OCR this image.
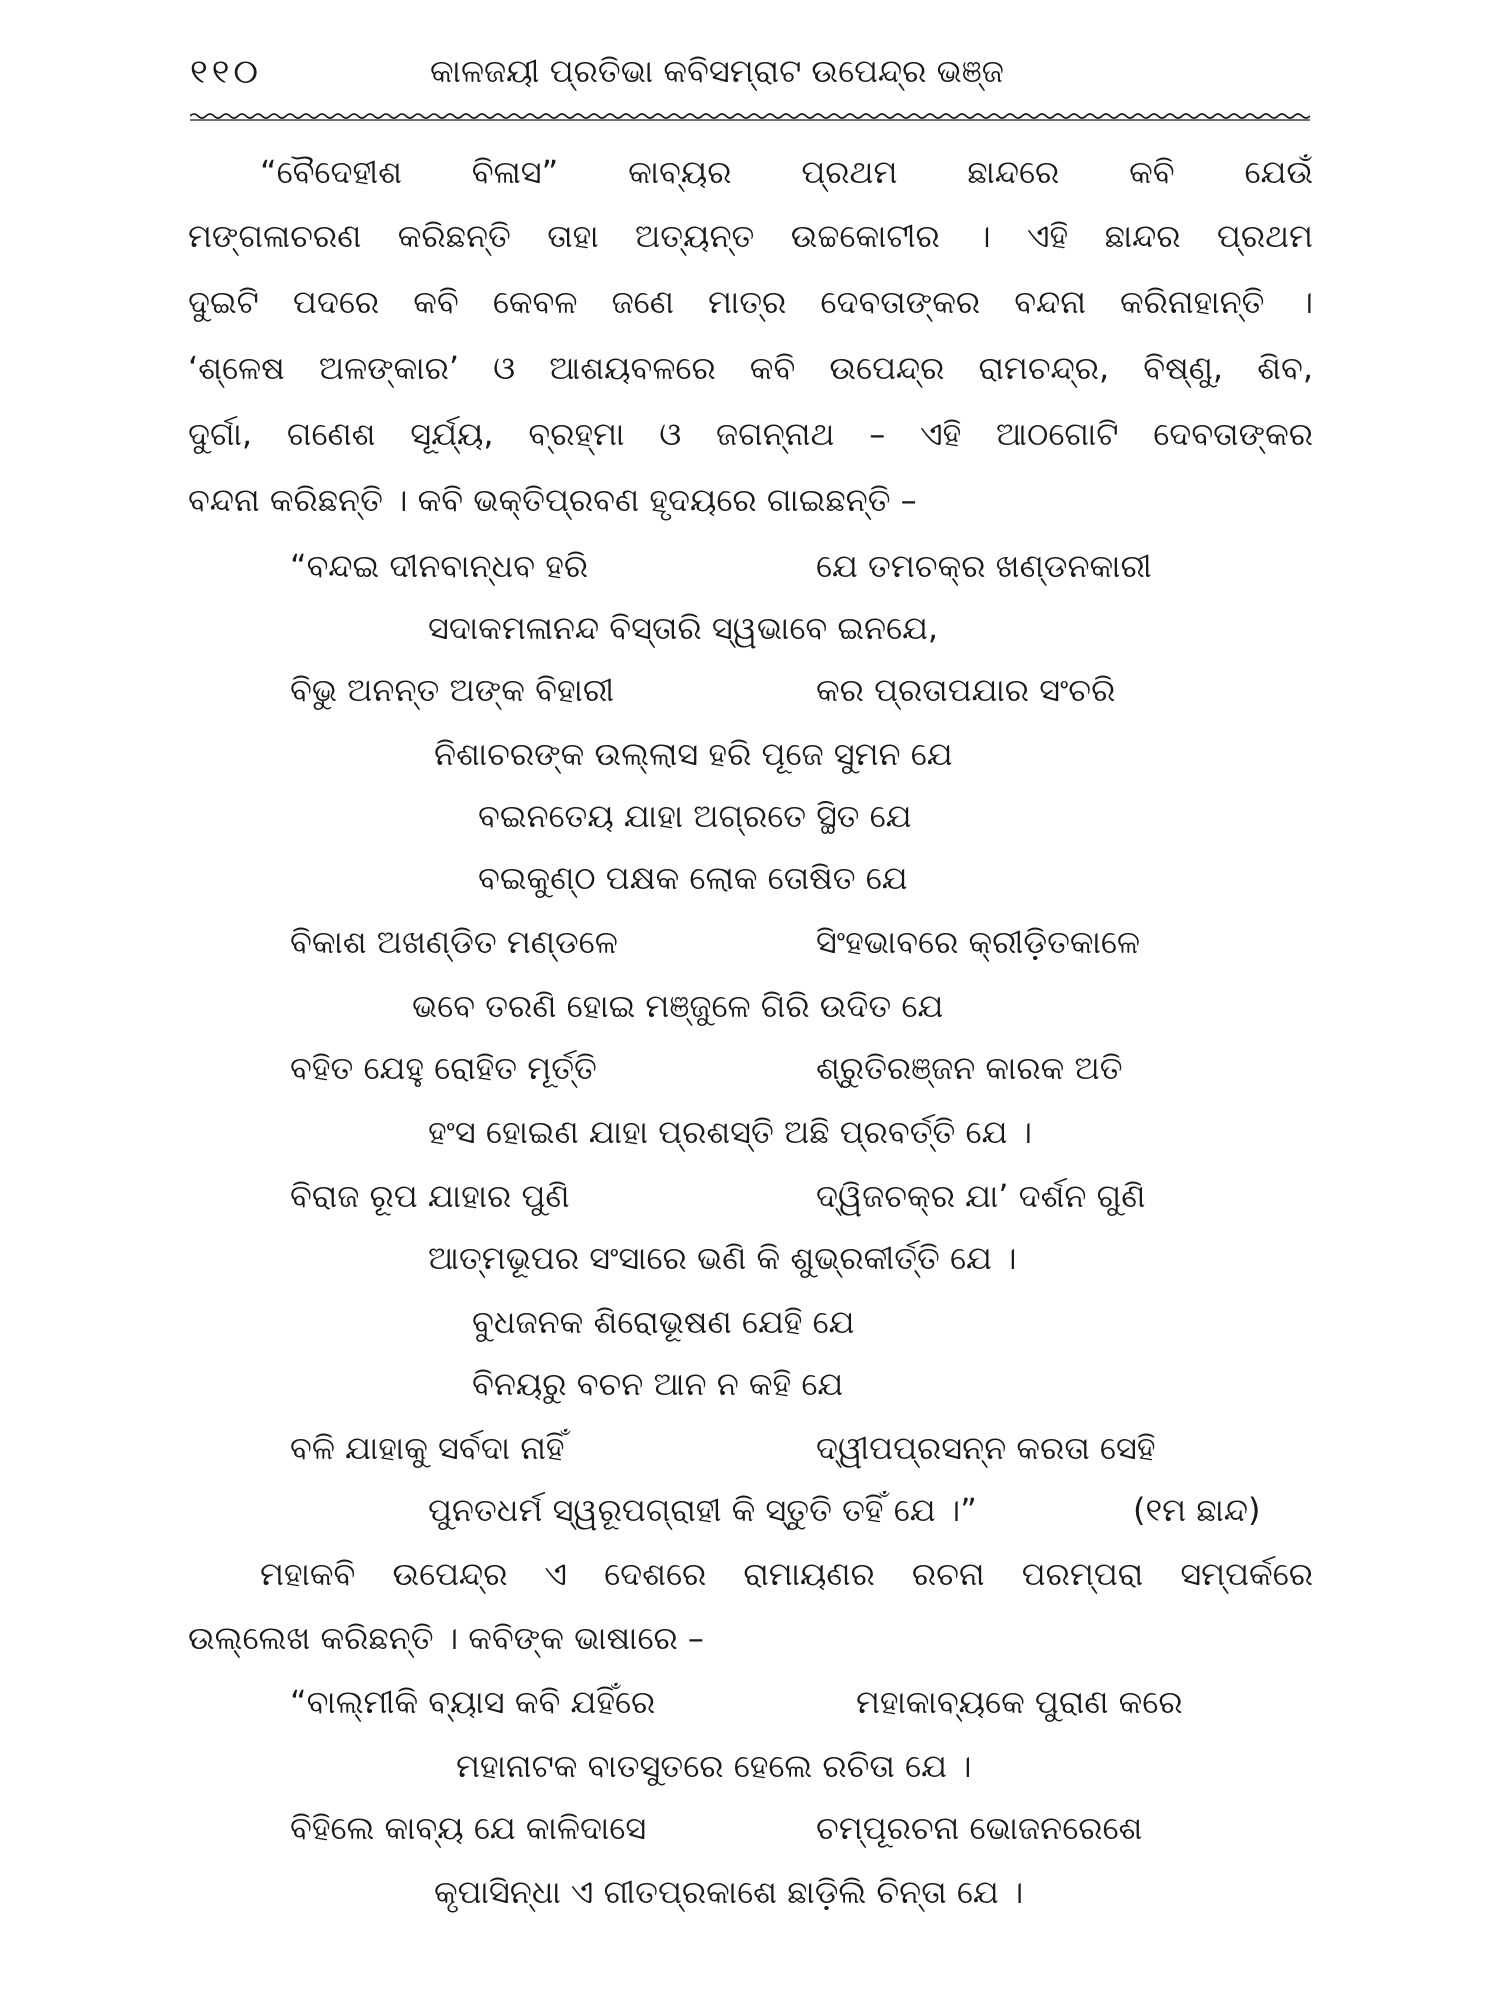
୧୧୦	କାଳଜୟୀ ପ୍ରତିଭା କବିସମ୍ରାଟ ଉପେନ୍ଦ୍ର ଭଞ୍ଜ
“ବୈଦେହୀଶ ବିଳାସ” କାବ୍ୟର ପ୍ରଥମ ଛାନ୍ଦରେ କବି ଯେଉଁ
ମଙ୍ଗଳାଚରଣ କରିଛନ୍ତି ତାହା ଅତ୍ୟନ୍ତ ଉଚ୍ଚକୋଟୀର । ଏହି ଛାନ୍ଦର ପ୍ରଥମ
ଦୁଇଟି ପଦରେ କବି କେବଳ ଜଣେ ମାତ୍ର ଦେବତାଙ୍କର ବନ୍ଦନା କରିନାହାନ୍ତି ।
‘ଶ୍ଳେଷ ଅଳଙ୍କାର’ ଓ ଆଶୟବଳରେ କବି ଉପେନ୍ଦ୍ର ରାମଚନ୍ଦ୍ର, ବିଷ୍ଣୁ, ଶିବ,
ଦୁର୍ଗା, ଗଣେଶ ସୂର୍ଯ୍ୟ, ବ୍ରହ୍ମା ଓ ଜଗନ୍ନାଥ – ଏହି ଆଠଗୋଟି ଦେବତାଙ୍କର
ବନ୍ଦନା କରିଛନ୍ତି । କବି ଭକ୍ତିପ୍ରବଣ ହୃଦୟରେ ଗାଇଛନ୍ତି –
“ବନ୍ଦଇ ଦୀନବାନ୍ଧବ ହରି	ଯେ ତମଚକ୍ର ଖଣ୍ଡନକାରୀ
ସଦାକମଳାନନ୍ଦ ବିସ୍ତାରି ସ୍ୱଭାବେ ଇନଯେ,
ବିଭୁ ଅନନ୍ତ ଅଙ୍କ ବିହାରୀ	କର ପ୍ରତାପଯାର ସଂଚରି
ନିଶାଚରଙ୍କ ଉଲ୍ଲାସ ହରି ପୂଜେ ସୁମନ ଯେ
ବଇନତେୟ ଯାହା ଅଗ୍ରତେ ସ୍ଥିତ ଯେ
ବଇକୁଣ୍ଠ ପକ୍ଷକ ଲୋକ ତୋଷିତ ଯେ
ବିକାଶ ଅଖଣ୍ଡିତ ମଣ୍ଡଳେ	ସିଂହଭାବରେ କ୍ରୀଡ଼ିତକାଳେ
ଭବେ ତରଣି ହୋଇ ମଞ୍ଜୁଳେ ଗିରି ଉଦିତ ଯେ
ବହିତ ଯେହୁ ରୋହିତ ମୂର୍ତ୍ତି	ଶ୍ରୁତିରଞ୍ଜନ କାରକ ଅତି
ହଂସ ହୋଇଣ ଯାହା ପ୍ରଶସ୍ତି ଅଛି ପ୍ରବର୍ତ୍ତି ଯେ ।
ବିରାଜ ରୂପ ଯାହାର ପୁଣି	ଦ୍ୱିଜଚକ୍ର ଯା’ ଦର୍ଶନ ଗୁଣି
ଆତ୍ମଭୂପର ସଂସାରେ ଭଣି କି ଶୁଭ୍ରକୀର୍ତ୍ତି ଯେ ।
ବୁଧଜନକ ଶିରୋଭୂଷଣ ଯେହି ଯେ
ବିନୟରୁ ବଚନ ଆନ ନ କହି ଯେ
ବଳି ଯାହାକୁ ସର୍ବଦା ନାହିଁ	ଦ୍ୱୀପପ୍ରସନ୍ନ କରତା ସେହି
ପୁନତଧର୍ମ ସ୍ୱରୂପଗ୍ରାହୀ କି ସ୍ତୁତି ତହିଁ ଯେ ।”	(୧ମ ଛାନ୍ଦ)
ମହାକବି ଉପେନ୍ଦ୍ର ଏ ଦେଶରେ ରାମାୟଣର ରଚନା ପରମ୍ପରା ସମ୍ପର୍କରେ
ଉଲ୍ଲେଖ କରିଛନ୍ତି । କବିଙ୍କ ଭାଷାରେ –
“ବାଲ୍ମୀକି ବ୍ୟାସ କବି ଯହିଁରେ	ମହାକାବ୍ୟକେ ପୁରାଣ କରେ
ମହାନାଟକ ବାତସୁତରେ ହେଲେ ରଚିତା ଯେ ।
ବିହିଲେ କାବ୍ୟ ଯେ କାଳିଦାସେ	ଚମ୍ପୂରଚନା ଭୋଜନରେଶେ
କୃପାସିନ୍ଧା ଏ ଗୀତପ୍ରକାଶେ ଛାଡ଼ିଲି ଚିନ୍ତା ଯେ ।
